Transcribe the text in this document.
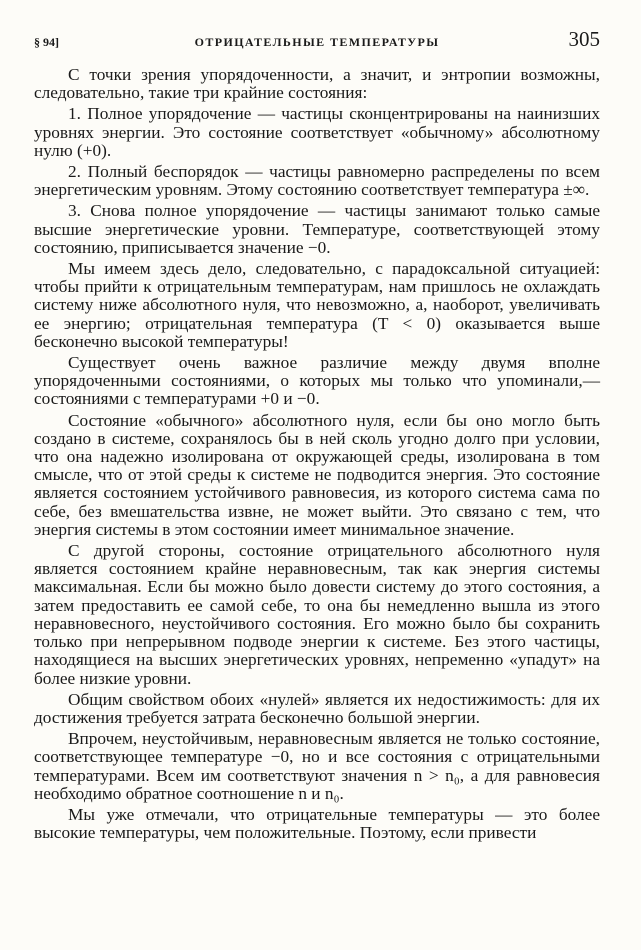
§ 94]	ОТРИЦАТЕЛЬНЫЕ ТЕМПЕРАТУРЫ	305

С точки зрения упорядоченности, а значит, и энтропии возможны, следовательно, такие три крайние состояния:

1. Полное упорядочение — частицы сконцентрированы на наинизших уровнях энергии. Это состояние соответствует «обычному» абсолютному нулю (+0).

2. Полный беспорядок — частицы равномерно распределены по всем энергетическим уровням. Этому состоянию соответствует температура ±∞.

3. Снова полное упорядочение — частицы занимают только самые высшие энергетические уровни. Температуре, соответствующей этому состоянию, приписывается значение −0.

Мы имеем здесь дело, следовательно, с парадоксальной ситуацией: чтобы прийти к отрицательным температурам, нам пришлось не охлаждать систему ниже абсолютного нуля, что невозможно, а, наоборот, увеличивать ее энергию; отрицательная температура (T < 0) оказывается выше бесконечно высокой температуры!

Существует очень важное различие между двумя вполне упорядоченными состояниями, о которых мы только что упоминали,— состояниями с температурами +0 и −0.

Состояние «обычного» абсолютного нуля, если бы оно могло быть создано в системе, сохранялось бы в ней сколь угодно долго при условии, что она надежно изолирована от окружающей среды, изолирована в том смысле, что от этой среды к системе не подводится энергия. Это состояние является состоянием устойчивого равновесия, из которого система сама по себе, без вмешательства извне, не может выйти. Это связано с тем, что энергия системы в этом состоянии имеет минимальное значение.

С другой стороны, состояние отрицательного абсолютного нуля является состоянием крайне неравновесным, так как энергия системы максимальная. Если бы можно было довести систему до этого состояния, а затем предоставить ее самой себе, то она бы немедленно вышла из этого неравновесного, неустойчивого состояния. Его можно было бы сохранить только при непрерывном подводе энергии к системе. Без этого частицы, находящиеся на высших энергетических уровнях, непременно «упадут» на более низкие уровни.

Общим свойством обоих «нулей» является их недостижимость: для их достижения требуется затрата бесконечно большой энергии.

Впрочем, неустойчивым, неравновесным является не только состояние, соответствующее температуре −0, но и все состояния с отрицательными температурами. Всем им соответствуют значения n > n₀, а для равновесия необходимо обратное соотношение n и n₀.

Мы уже отмечали, что отрицательные температуры — это более высокие температуры, чем положительные. Поэтому, если привести
